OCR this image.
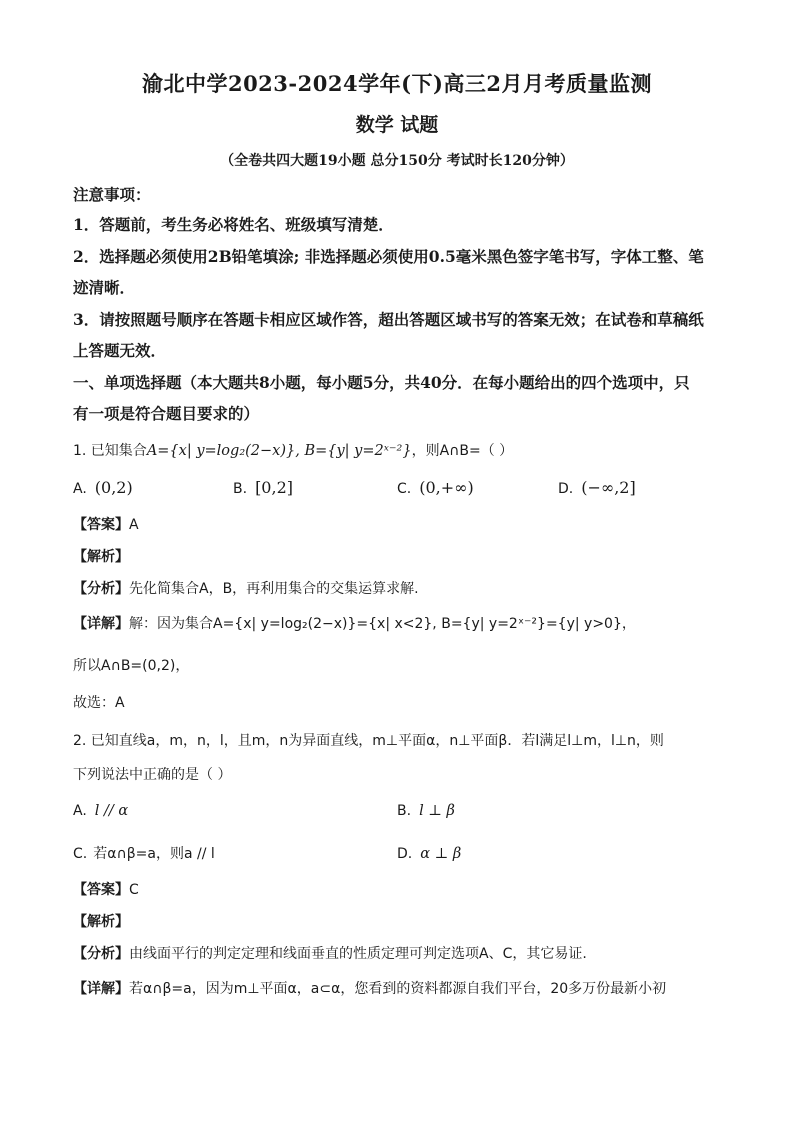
渝北中学2023-2024学年(下)高三2月月考质量监测
数学 试题
（全卷共四大题19小题 总分150分 考试时长120分钟）
注意事项：
1．答题前，考生务必将姓名、班级填写清楚．
2．选择题必须使用2B铅笔填涂; 非选择题必须使用0.5毫米黑色签字笔书写，字体工整、笔
迹清晰．
3．请按照题号顺序在答题卡相应区域作答，超出答题区域书写的答案无效；在试卷和草稿纸
上答题无效．
一、单项选择题（本大题共8小题，每小题5分，共40分．在每小题给出的四个选项中，只
有一项是符合题目要求的）
1. 已知集合A={x| y=log₂(2−x)}, B={y| y=2ˣ⁻²}，则A∩B=（ ）
A. (0,2)	B. [0,2]	C. (0,+∞)	D. (−∞,2]
【答案】A
【解析】
【分析】先化简集合A，B，再利用集合的交集运算求解.
【详解】解：因为集合A={x| y=log₂(2−x)}={x| x<2}, B={y| y=2ˣ⁻²}={y| y>0}，
所以A∩B=(0,2)，
故选：A
2. 已知直线a，m，n，l，且m，n为异面直线，m⊥平面α，n⊥平面β．若l满足l⊥m，l⊥n，则
下列说法中正确的是（ ）
A. l // α	B. l ⊥ β
C. 若α∩β=a，则a // l	D. α ⊥ β
【答案】C
【解析】
【分析】由线面平行的判定定理和线面垂直的性质定理可判定选项A、C，其它易证.
【详解】若α∩β=a，因为m⊥平面α，a⊂α，您看到的资料都源自我们平台，20多万份最新小初
